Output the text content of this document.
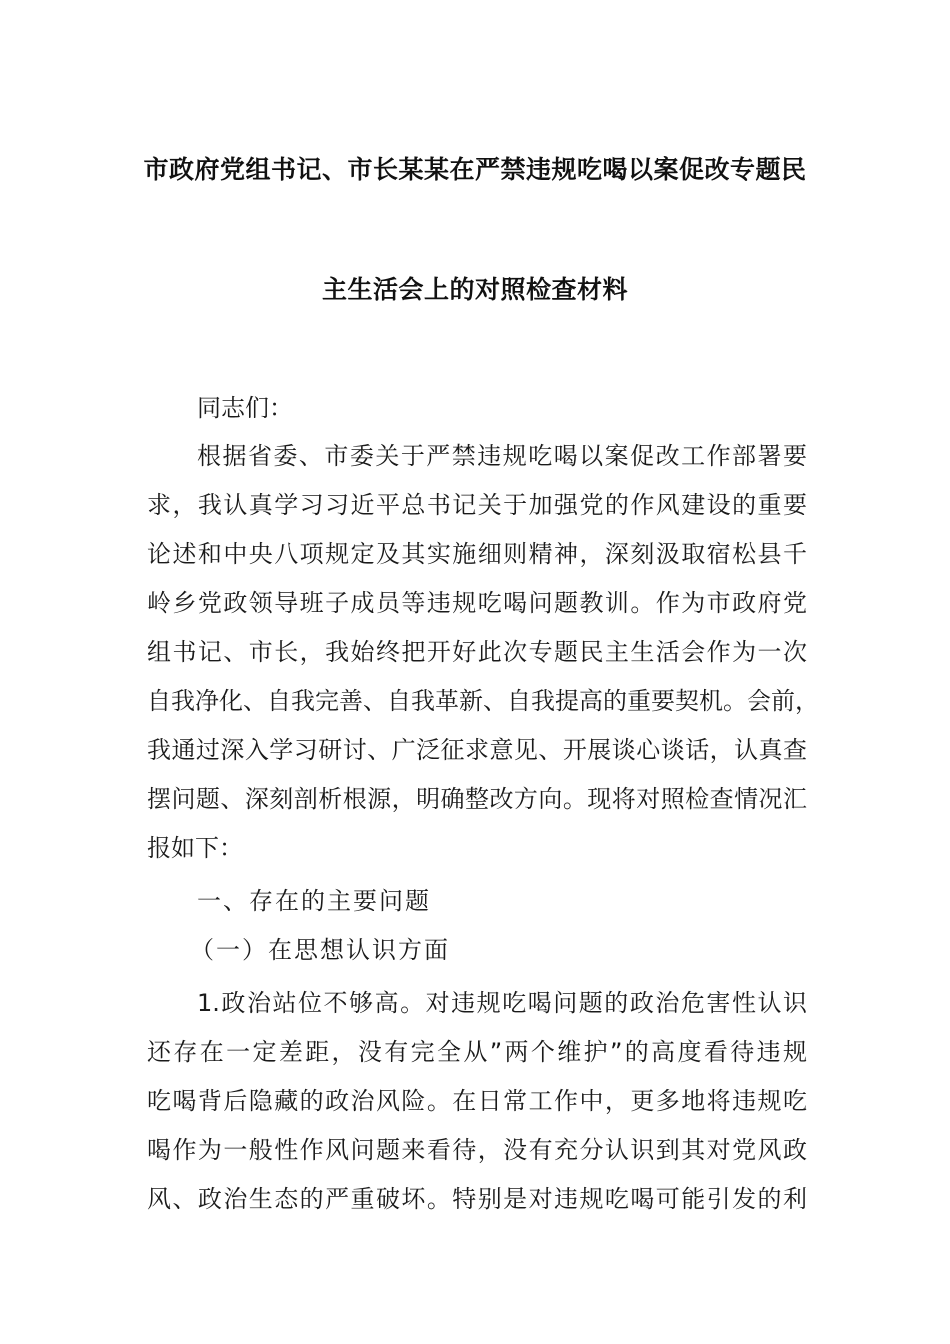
市政府党组书记、市长某某在严禁违规吃喝以案促改专题民
主生活会上的对照检查材料
同志们：
根据省委、市委关于严禁违规吃喝以案促改工作部署要
求，我认真学习习近平总书记关于加强党的作风建设的重要
论述和中央八项规定及其实施细则精神，深刻汲取宿松县千
岭乡党政领导班子成员等违规吃喝问题教训。作为市政府党
组书记、市长，我始终把开好此次专题民主生活会作为一次
自我净化、自我完善、自我革新、自我提高的重要契机。会前，
我通过深入学习研讨、广泛征求意见、开展谈心谈话，认真查
摆问题、深刻剖析根源，明确整改方向。现将对照检查情况汇
报如下：
一、存在的主要问题
（一）在思想认识方面
1.政治站位不够高。对违规吃喝问题的政治危害性认识
还存在一定差距，没有完全从”两个维护”的高度看待违规
吃喝背后隐藏的政治风险。在日常工作中，更多地将违规吃
喝作为一般性作风问题来看待，没有充分认识到其对党风政
风、政治生态的严重破坏。特别是对违规吃喝可能引发的利
